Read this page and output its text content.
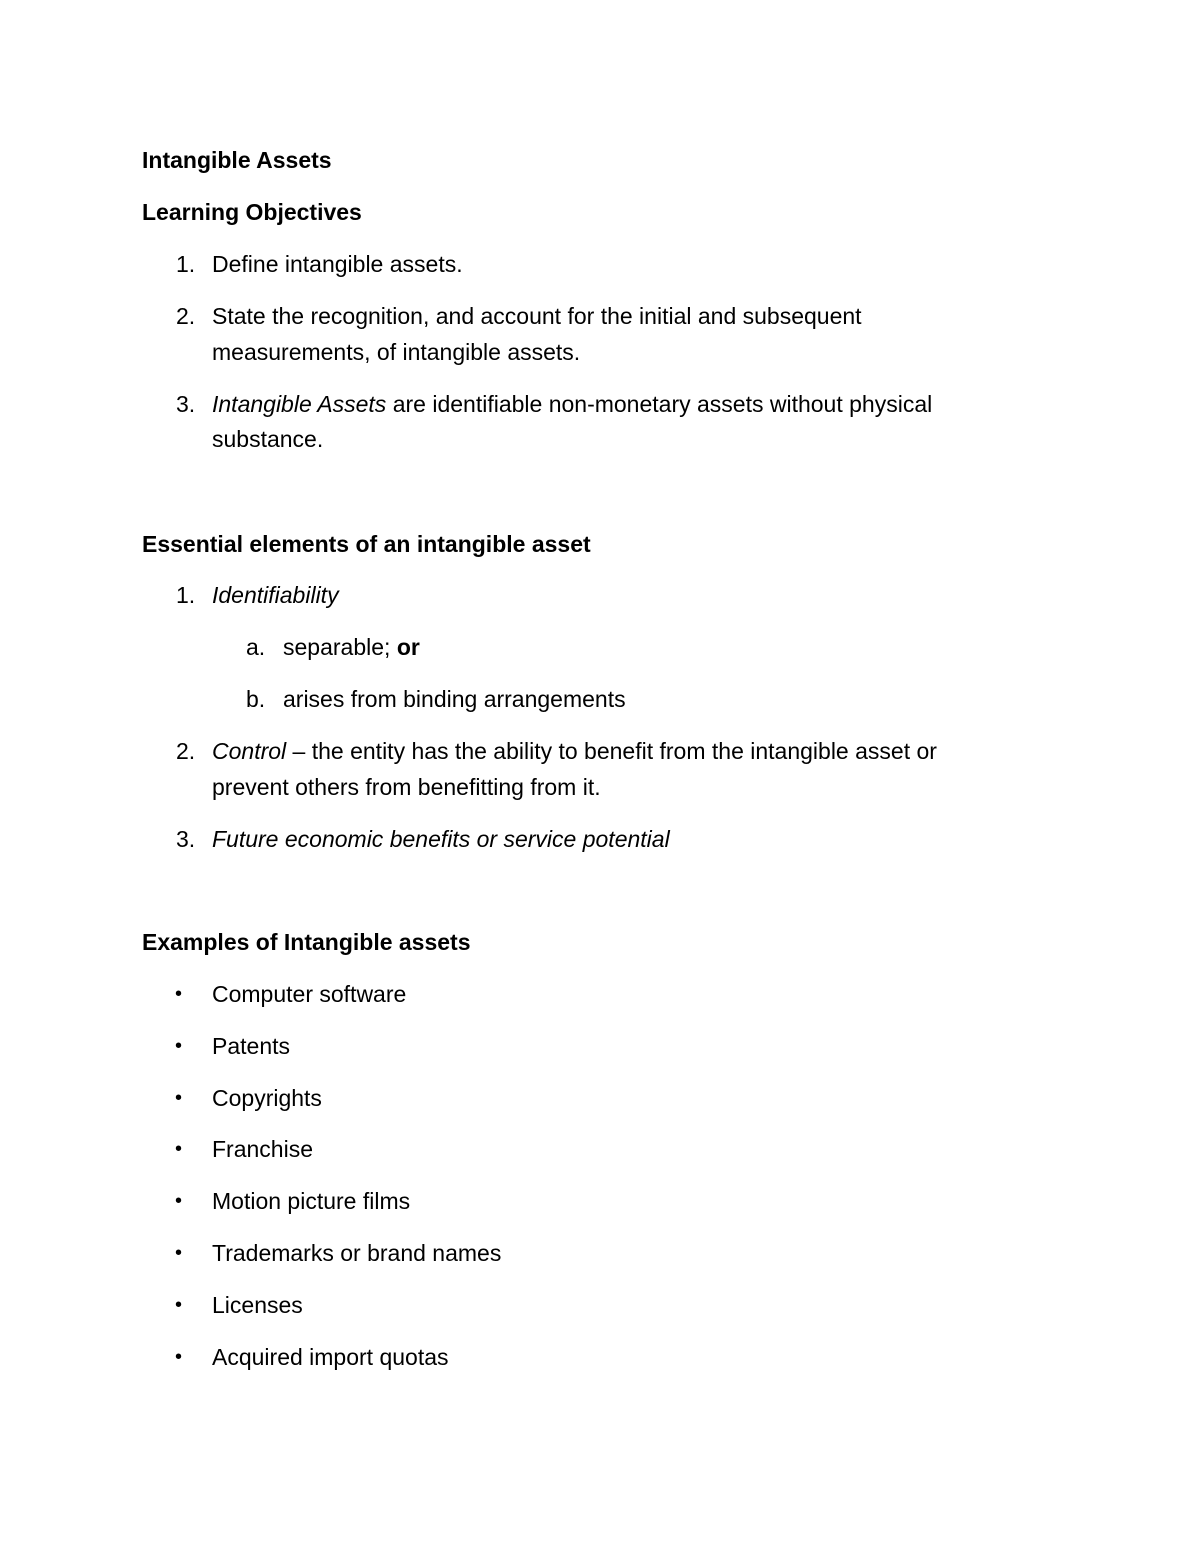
Intangible Assets
Learning Objectives
1. Define intangible assets.
2. State the recognition, and account for the initial and subsequent
measurements, of intangible assets.
3. Intangible Assets are identifiable non-monetary assets without physical
substance.
Essential elements of an intangible asset
1. Identifiability
a. separable; or
b. arises from binding arrangements
2. Control – the entity has the ability to benefit from the intangible asset or
prevent others from benefitting from it.
3. Future economic benefits or service potential
Examples of Intangible assets
• Computer software
• Patents
• Copyrights
• Franchise
• Motion picture films
• Trademarks or brand names
• Licenses
• Acquired import quotas
